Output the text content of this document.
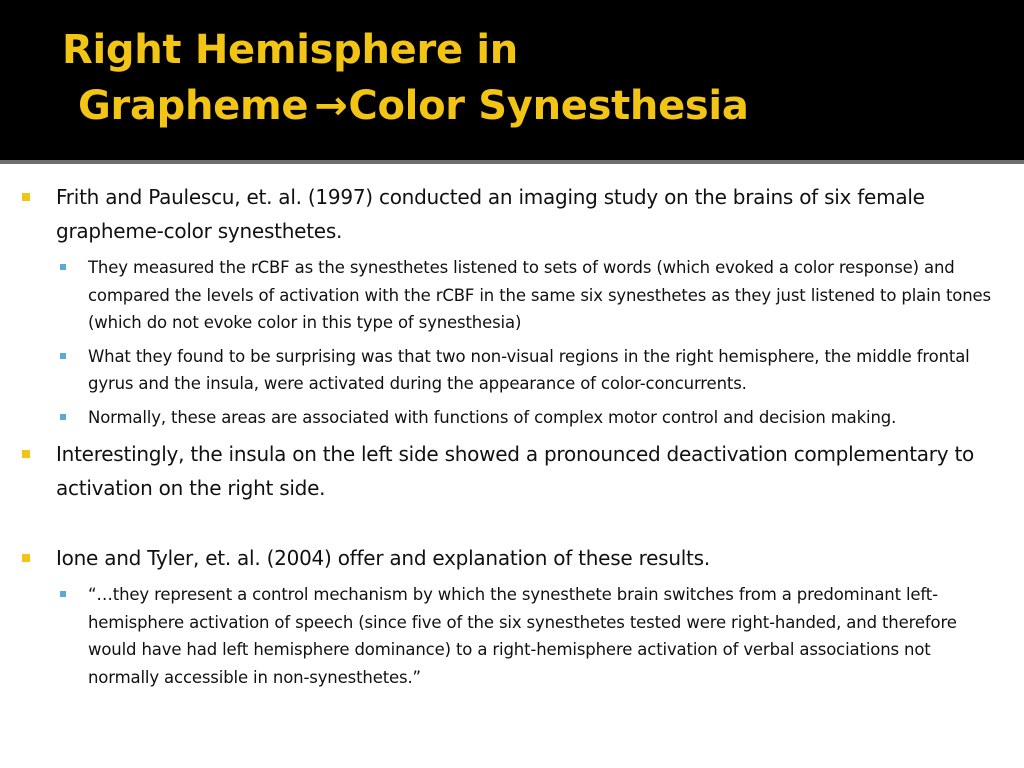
Right Hemisphere in
Grapheme →Color Synesthesia
Frith and Paulescu, et. al. (1997) conducted an imaging study on the brains of six female grapheme-color synesthetes.
They measured the rCBF as the synesthetes listened to sets of words (which evoked a color response) and compared the levels of activation with the rCBF in the same six synesthetes as they just listened to plain tones (which do not evoke color in this type of synesthesia)
What they found to be surprising was that two non-visual regions in the right hemisphere, the middle frontal gyrus and the insula, were activated during the appearance of color-concurrents.
Normally, these areas are associated with functions of complex motor control and decision making.
Interestingly, the insula on the left side showed a pronounced deactivation complementary to activation on the right side.
Ione and Tyler, et. al. (2004) offer and explanation of these results.
“…they represent a control mechanism by which the synesthete brain switches from a predominant left-hemisphere activation of speech (since five of the six synesthetes tested were right-handed, and therefore would have had left hemisphere dominance) to a right-hemisphere activation of verbal associations not normally accessible in non-synesthetes.”
